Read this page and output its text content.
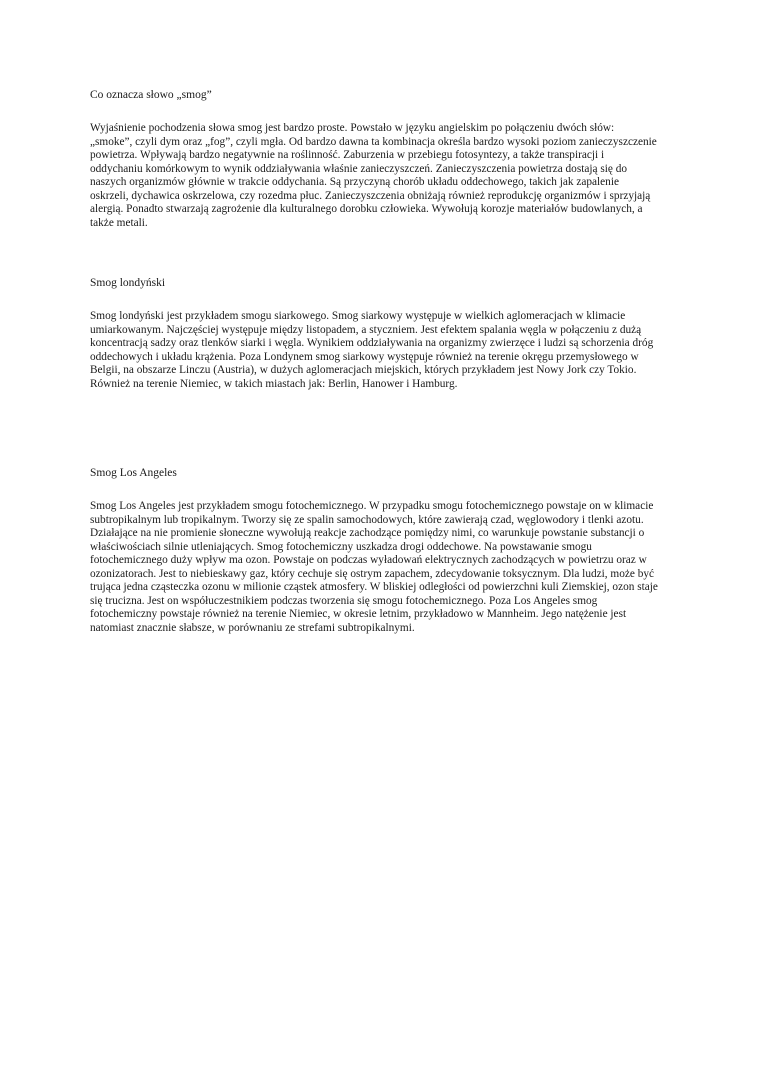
Co oznacza słowo „smog”

Wyjaśnienie pochodzenia słowa smog jest bardzo proste. Powstało w języku angielskim po połączeniu dwóch słów:
„smoke”, czyli dym oraz „fog”, czyli mgła. Od bardzo dawna ta kombinacja określa bardzo wysoki poziom zanieczyszczenie
powietrza. Wpływają bardzo negatywnie na roślinność. Zaburzenia w przebiegu fotosyntezy, a także transpiracji i
oddychaniu komórkowym to wynik oddziaływania właśnie zanieczyszczeń. Zanieczyszczenia powietrza dostają się do
naszych organizmów głównie w trakcie oddychania. Są przyczyną chorób układu oddechowego, takich jak zapalenie
oskrzeli, dychawica oskrzelowa, czy rozedma płuc. Zanieczyszczenia obniżają również reprodukcję organizmów i sprzyjają
alergią. Ponadto stwarzają zagrożenie dla kulturalnego dorobku człowieka. Wywołują korozje materiałów budowlanych, a
także metali.

Smog londyński

Smog londyński jest przykładem smogu siarkowego. Smog siarkowy występuje w wielkich aglomeracjach w klimacie
umiarkowanym. Najczęściej występuje między listopadem, a styczniem. Jest efektem spalania węgla w połączeniu z dużą
koncentracją sadzy oraz tlenków siarki i węgla. Wynikiem oddziaływania na organizmy zwierzęce i ludzi są schorzenia dróg
oddechowych i układu krążenia. Poza Londynem smog siarkowy występuje również na terenie okręgu przemysłowego w
Belgii, na obszarze Linczu (Austria), w dużych aglomeracjach miejskich, których przykładem jest Nowy Jork czy Tokio.
Również na terenie Niemiec, w takich miastach jak: Berlin, Hanower i Hamburg.

Smog Los Angeles

Smog Los Angeles jest przykładem smogu fotochemicznego. W przypadku smogu fotochemicznego powstaje on w klimacie
subtropikalnym lub tropikalnym. Tworzy się ze spalin samochodowych, które zawierają czad, węglowodory i tlenki azotu.
Działające na nie promienie słoneczne wywołują reakcje zachodzące pomiędzy nimi, co warunkuje powstanie substancji o
właściwościach silnie utleniających. Smog fotochemiczny uszkadza drogi oddechowe. Na powstawanie smogu
fotochemicznego duży wpływ ma ozon. Powstaje on podczas wyładowań elektrycznych zachodzących w powietrzu oraz w
ozonizatorach. Jest to niebieskawy gaz, który cechuje się ostrym zapachem, zdecydowanie toksycznym. Dla ludzi, może być
trująca jedna cząsteczka ozonu w milionie cząstek atmosfery. W bliskiej odległości od powierzchni kuli Ziemskiej, ozon staje
się trucizna. Jest on współuczestnikiem podczas tworzenia się smogu fotochemicznego. Poza Los Angeles smog
fotochemiczny powstaje również na terenie Niemiec, w okresie letnim, przykładowo w Mannheim. Jego natężenie jest
natomiast znacznie słabsze, w porównaniu ze strefami subtropikalnymi.
